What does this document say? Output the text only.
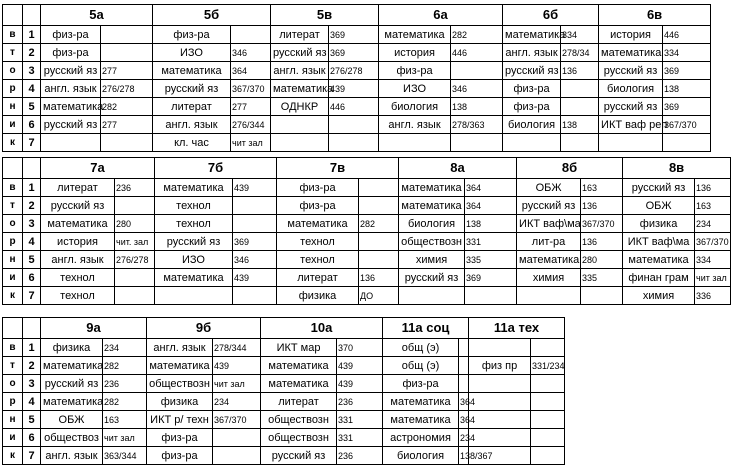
		5а		5б		5в		6а		6б		6в	
в	1	физ-ра		физ-ра		литерат	369	математика	282	математика	334	история	446
т	2	физ-ра		ИЗО	346	русский яз	369	история	446	англ. язык	278/34	математика	334
о	3	русский яз	277	математика	364	англ. язык	276/278	физ-ра		русский яз	136	русский яз	369
р	4	англ. язык	276/278	русский яз	367/370	математика	439	ИЗО	346	физ-ра		биология	138
н	5	математика	282	литерат	277	ОДНКР	446	биология	138	физ-ра		русский яз	369
и	6	русский яз	277	англ. язык	276/344			англ. язык	278/363	биология	138	ИКТ ваф реп	367/370
к	7			кл. час	чит зал								
		7а		7б		7в		8а		8б		8в	
в	1	литерат	236	математика	439	физ-ра		математика	364	ОБЖ	163	русский яз	136
т	2	русский яз		технол		физ-ра		математика	364	русский яз	136	ОБЖ	163
о	3	математика	280	технол		математика	282	биология	138	ИКТ ваф\ма	367/370	физика	234
р	4	история	чит. зал	русский яз	369	технол		обществозн	331	лит-ра	136	ИКТ ваф\ма	367/370
н	5	англ. язык	276/278	ИЗО	346	технол		химия	335	математика	280	математика	334
и	6	технол		математика	439	литерат	136	русский яз	369	химия	335	финан грам	чит зал
к	7	технол				физика	ДО					химия	336
		9а		9б		10а		11а соц		11а тех	
в	1	физика	234	англ. язык	278/344	ИКТ мар	370	общ (э)			
т	2	математика	282	математика	439	математика	439	общ (э)		физ пр	331/234
о	3	русский яз	236	обществозн	чит зал	математика	439	физ-ра			
р	4	математика	282	физика	234	литерат	236	математика	364		
н	5	ОБЖ	163	ИКТ р/ техн	367/370	обществозн	331	математика	364		
и	6	обществоз	чит зал	физ-ра		обществозн	331	астрономия	234		
к	7	англ. язык	363/344	физ-ра		русский яз	236	биология	138/367		
